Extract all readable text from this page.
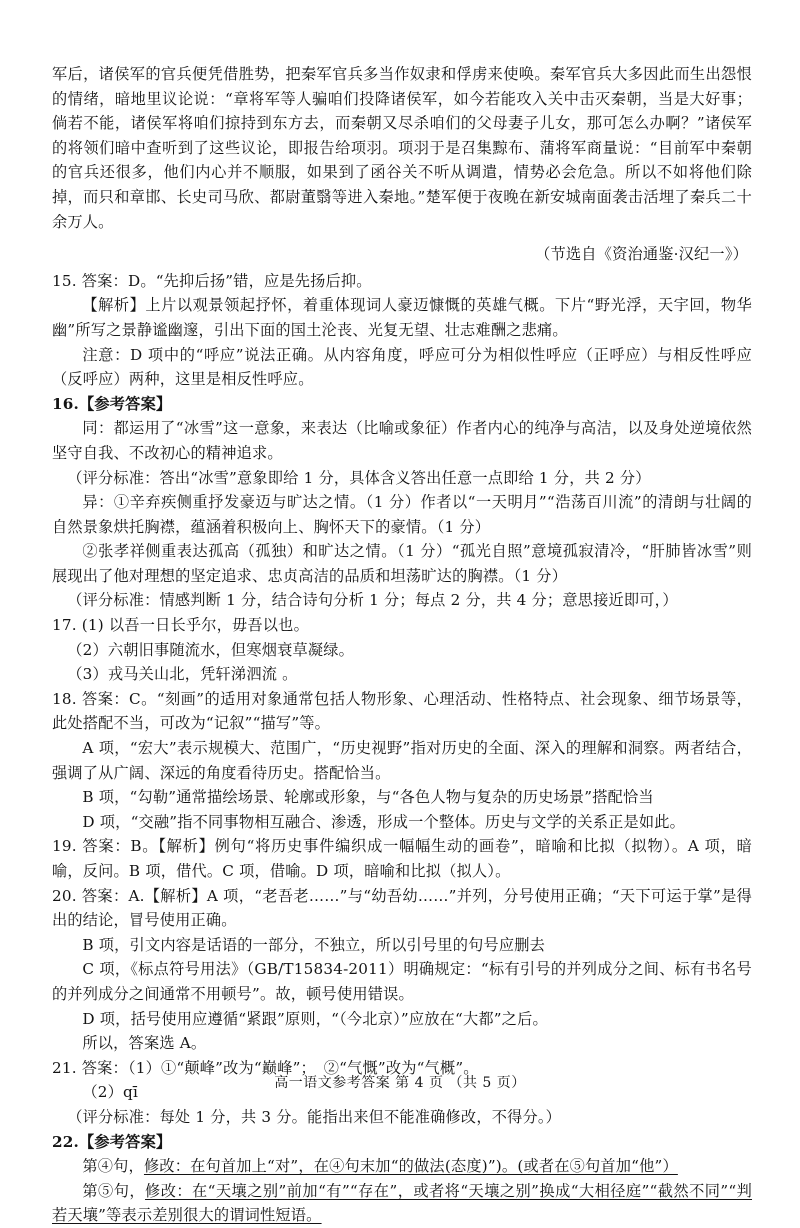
军后，诸侯军的官兵便凭借胜势，把秦军官兵多当作奴隶和俘虏来使唤。秦军官兵大多因此而生出怨恨的情绪，暗地里议论说：“章将军等人骗咱们投降诸侯军，如今若能攻入关中击灭秦朝，当是大好事；倘若不能，诸侯军将咱们掠持到东方去，而秦朝又尽杀咱们的父母妻子儿女，那可怎么办啊？”诸侯军的将领们暗中查听到了这些议论，即报告给项羽。项羽于是召集黥布、蒲将军商量说：“目前军中秦朝的官兵还很多，他们内心并不顺服，如果到了函谷关不听从调遣，情势必会危急。所以不如将他们除掉，而只和章邯、长史司马欣、都尉董翳等进入秦地。”楚军便于夜晚在新安城南面袭击活埋了秦兵二十余万人。

（节选自《资治通鉴·汉纪一》）

15. 答案：D。“先抑后扬”错，应是先扬后抑。

【解析】上片以观景领起抒怀，着重体现词人豪迈慷慨的英雄气概。下片“野光浮，天宇回，物华幽”所写之景静谧幽邃，引出下面的国土沦丧、光复无望、壮志难酬之悲痛。

注意：D 项中的“呼应”说法正确。从内容角度，呼应可分为相似性呼应（正呼应）与相反性呼应（反呼应）两种，这里是相反性呼应。

16.【参考答案】

同：都运用了“冰雪”这一意象，来表达（比喻或象征）作者内心的纯净与高洁，以及身处逆境依然坚守自我、不改初心的精神追求。

（评分标准：答出“冰雪”意象即给 1 分，具体含义答出任意一点即给 1 分，共 2 分）

异：①辛弃疾侧重抒发豪迈与旷达之情。（1 分）作者以“一天明月”“浩荡百川流”的清朗与壮阔的自然景象烘托胸襟，蕴涵着积极向上、胸怀天下的豪情。（1 分）

②张孝祥侧重表达孤高（孤独）和旷达之情。（1 分）“孤光自照”意境孤寂清冷，“肝肺皆冰雪”则展现出了他对理想的坚定追求、忠贞高洁的品质和坦荡旷达的胸襟。（1 分）

（评分标准：情感判断 1 分，结合诗句分析 1 分；每点 2 分，共 4 分；意思接近即可，）

17. (1) 以吾一日长乎尔，毋吾以也。

（2）六朝旧事随流水，但寒烟衰草凝绿。

（3）戎马关山北，凭轩涕泗流 。

18. 答案：C。“刻画”的适用对象通常包括人物形象、心理活动、性格特点、社会现象、细节场景等，此处搭配不当，可改为“记叙”“描写”等。

A 项，“宏大”表示规模大、范围广，“历史视野”指对历史的全面、深入的理解和洞察。两者结合，强调了从广阔、深远的角度看待历史。搭配恰当。

B 项，“勾勒”通常描绘场景、轮廓或形象，与“各色人物与复杂的历史场景”搭配恰当

D 项，“交融”指不同事物相互融合、渗透，形成一个整体。历史与文学的关系正是如此。

19. 答案：B。【解析】例句“将历史事件编织成一幅幅生动的画卷”，暗喻和比拟（拟物）。A 项，暗喻，反问。B 项，借代。C 项，借喻。D 项，暗喻和比拟（拟人）。

20. 答案：A.【解析】A 项，“老吾老……”与“幼吾幼……”并列，分号使用正确；“天下可运于掌”是得出的结论，冒号使用正确。

B 项，引文内容是话语的一部分，不独立，所以引号里的句号应删去

C 项，《标点符号用法》（GB/T15834-2011）明确规定：“标有引号的并列成分之间、标有书名号的并列成分之间通常不用顿号”。故，顿号使用错误。

D 项，括号使用应遵循“紧跟”原则，“（今北京）”应放在“大都”之后。

所以，答案选 A。

21. 答案：（1）①“颠峰”改为“巅峰”；　②“气慨”改为“气概”。

（2）qī

（评分标准：每处 1 分，共 3 分。能指出来但不能准确修改，不得分。）

22.【参考答案】

第④句，修改：在句首加上“对”，在④句末加“的做法(态度)”)。(或者在⑤句首加“他”）

第⑤句，修改：在“天壤之别”前加“有”“存在”，或者将“天壤之别”换成“大相径庭”“截然不同”“判若天壤”等表示差别很大的谓词性短语。

高一语文参考答案 第 4 页 （共 5 页）
